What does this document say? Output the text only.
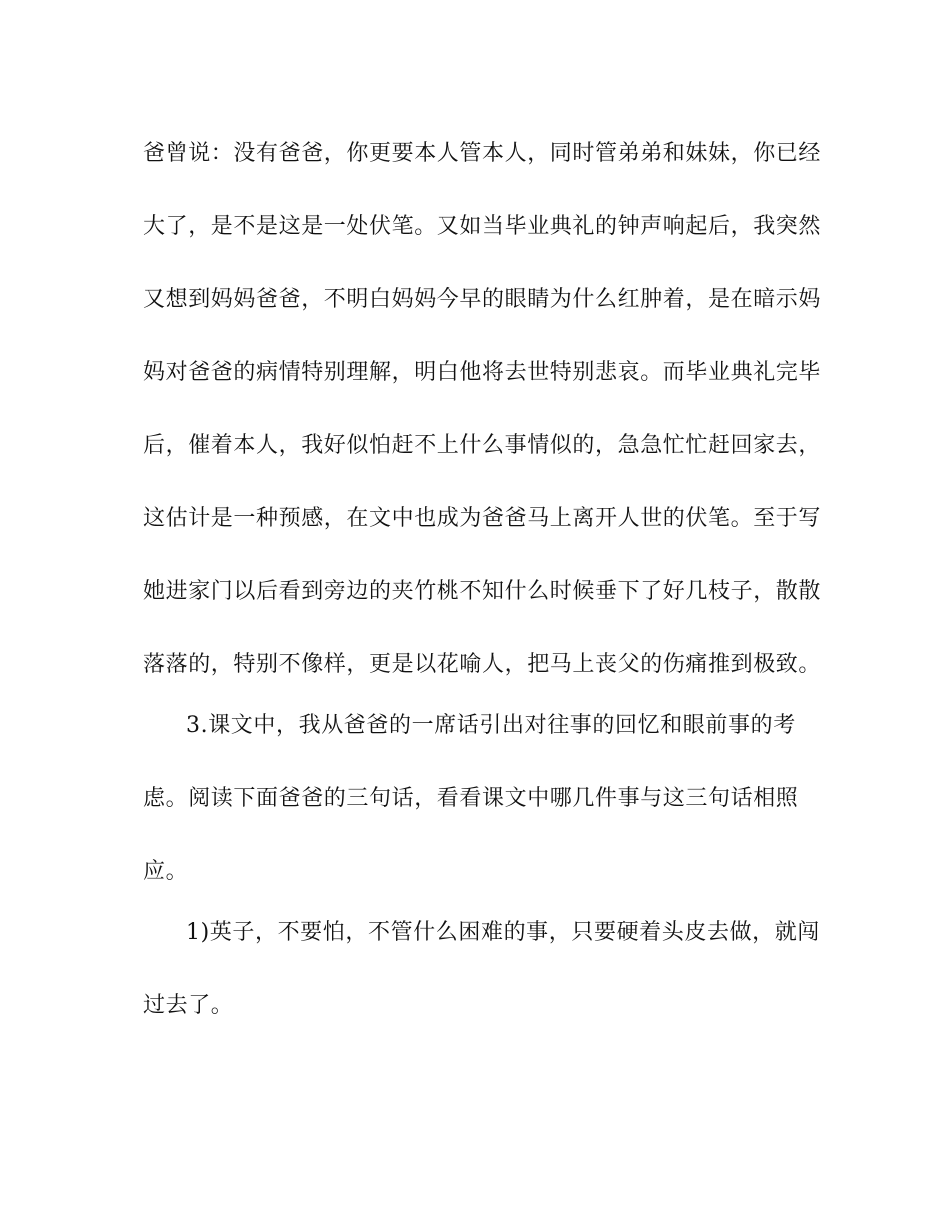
爸曾说：没有爸爸，你更要本人管本人，同时管弟弟和妹妹，你已经
大了，是不是这是一处伏笔。又如当毕业典礼的钟声响起后，我突然
又想到妈妈爸爸，不明白妈妈今早的眼睛为什么红肿着，是在暗示妈
妈对爸爸的病情特别理解，明白他将去世特别悲哀。而毕业典礼完毕
后，催着本人，我好似怕赶不上什么事情似的，急急忙忙赶回家去，
这估计是一种预感，在文中也成为爸爸马上离开人世的伏笔。至于写
她进家门以后看到旁边的夹竹桃不知什么时候垂下了好几枝子，散散
落落的，特别不像样，更是以花喻人，把马上丧父的伤痛推到极致。
3.课文中，我从爸爸的一席话引出对往事的回忆和眼前事的考
虑。阅读下面爸爸的三句话，看看课文中哪几件事与这三句话相照
应。
1)英子，不要怕，不管什么困难的事，只要硬着头皮去做，就闯
过去了。
